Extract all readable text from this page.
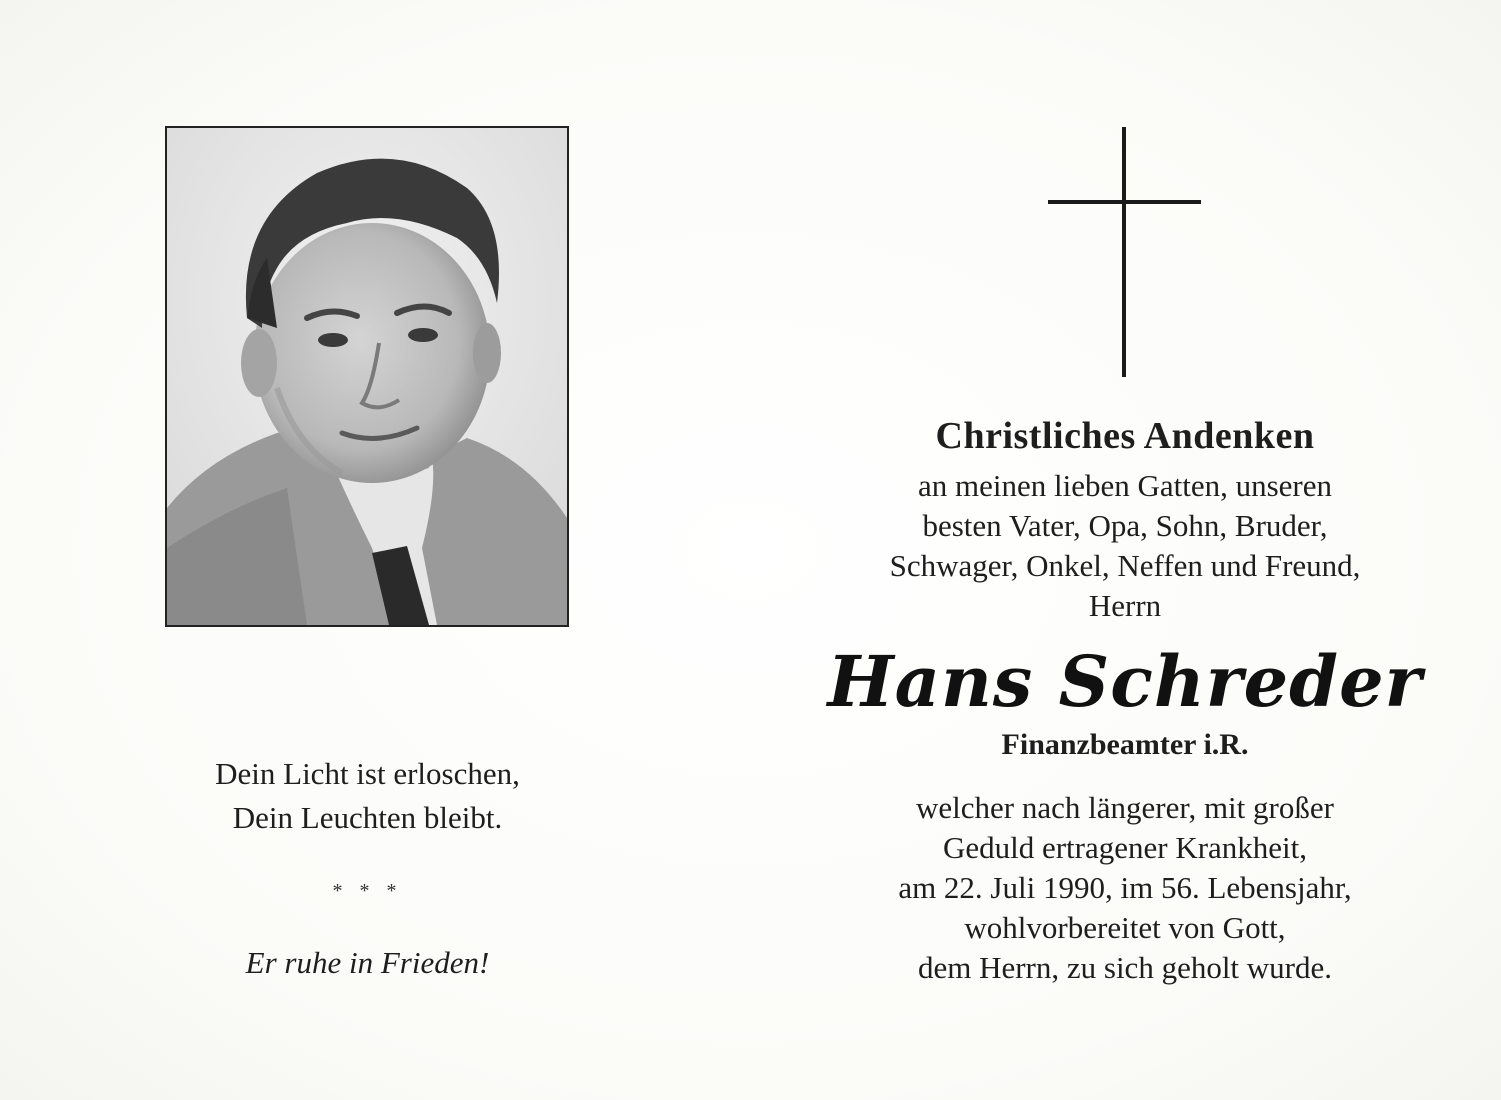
Dein Licht ist erloschen,
Dein Leuchten bleibt.
* * *
Er ruhe in Frieden!
Christliches Andenken
an meinen lieben Gatten, unseren
besten Vater, Opa, Sohn, Bruder,
Schwager, Onkel, Neffen und Freund,
Herrn
Hans Schreder
Finanzbeamter i.R.
welcher nach längerer, mit großer
Geduld ertragener Krankheit,
am 22. Juli 1990, im 56. Lebensjahr,
wohlvorbereitet von Gott,
dem Herrn, zu sich geholt wurde.
